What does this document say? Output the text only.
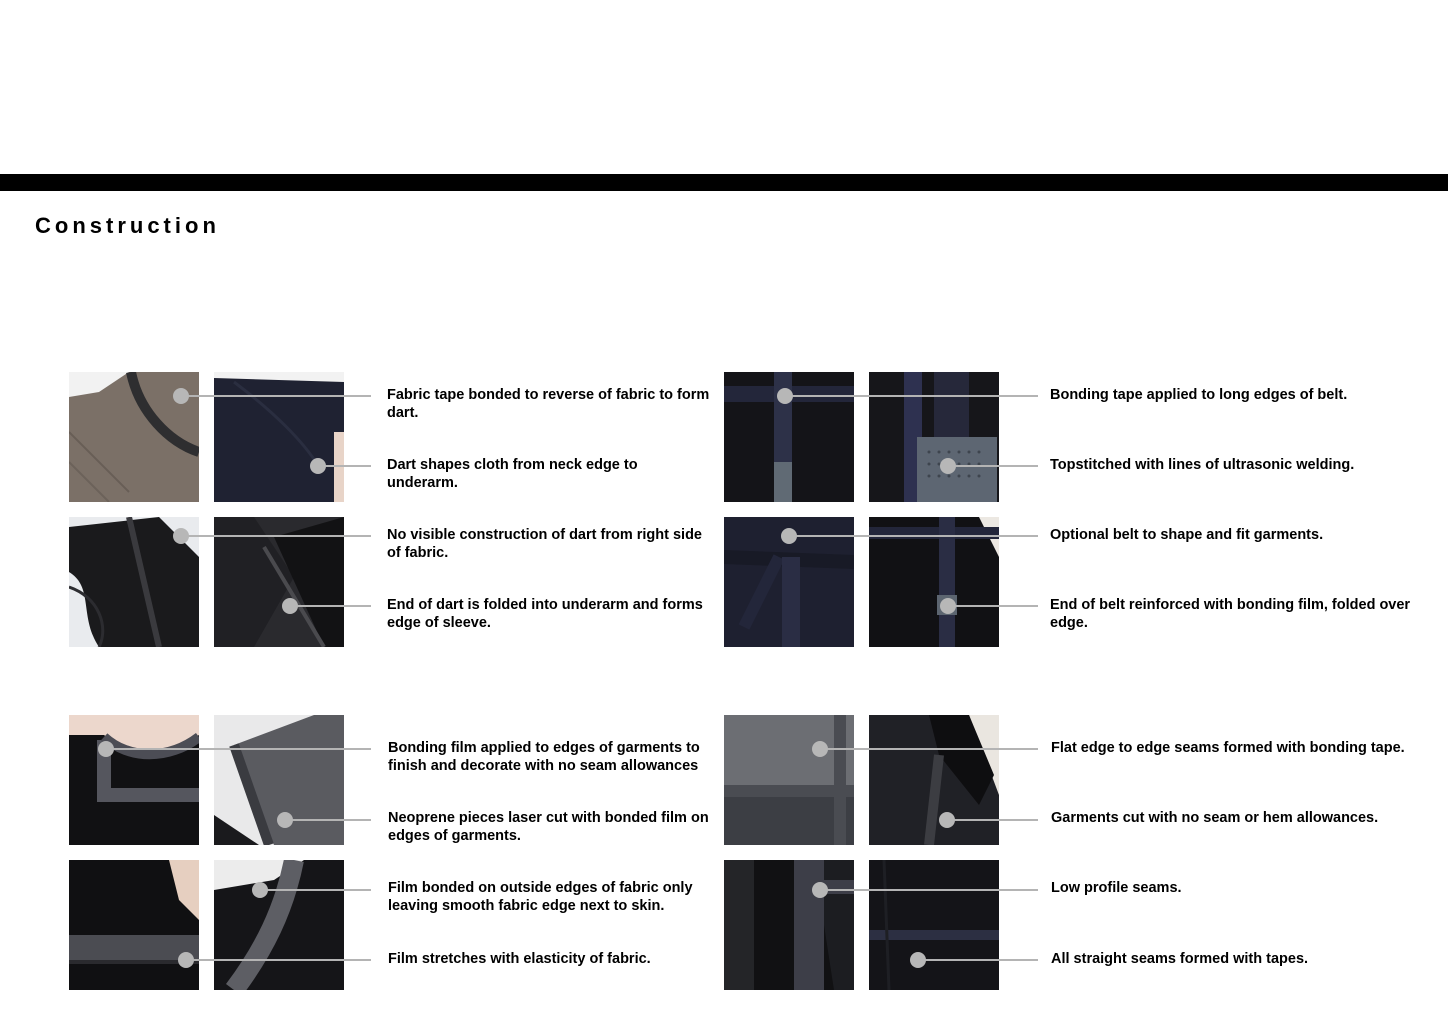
Construction
Fabric tape bonded to reverse of fabric to form dart.
Dart shapes cloth from neck edge to underarm.
No visible construction of dart from right side of fabric.
End of dart is folded into underarm and forms edge of sleeve.
Bonding tape applied to long edges of belt.
Topstitched with lines of ultrasonic welding.
Optional belt to shape and fit garments.
End of belt reinforced with bonding film, folded over edge.
Bonding film applied to edges of garments to finish and decorate with no seam allowances
Neoprene pieces laser cut with bonded film on edges of garments.
Film bonded on outside edges of fabric only leaving smooth fabric edge next to skin.
Film stretches with elasticity of fabric.
Flat edge to edge seams formed with bonding tape.
Garments cut with no seam or hem allowances.
Low profile seams.
All straight seams formed with tapes.
